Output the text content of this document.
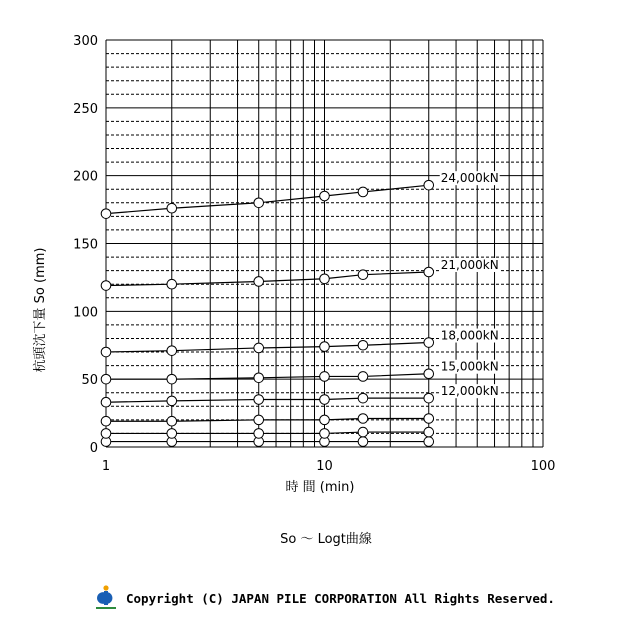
0
50
100
150
200
250
300
1	10	100
12,000kN
15,000kN
18,000kN
21,000kN
24,000kN
杭頭沈下量 So (mm)
時 間 (min)
So ～ Logt曲線
Copyright (C) JAPAN PILE CORPORATION All Rights Reserved.
